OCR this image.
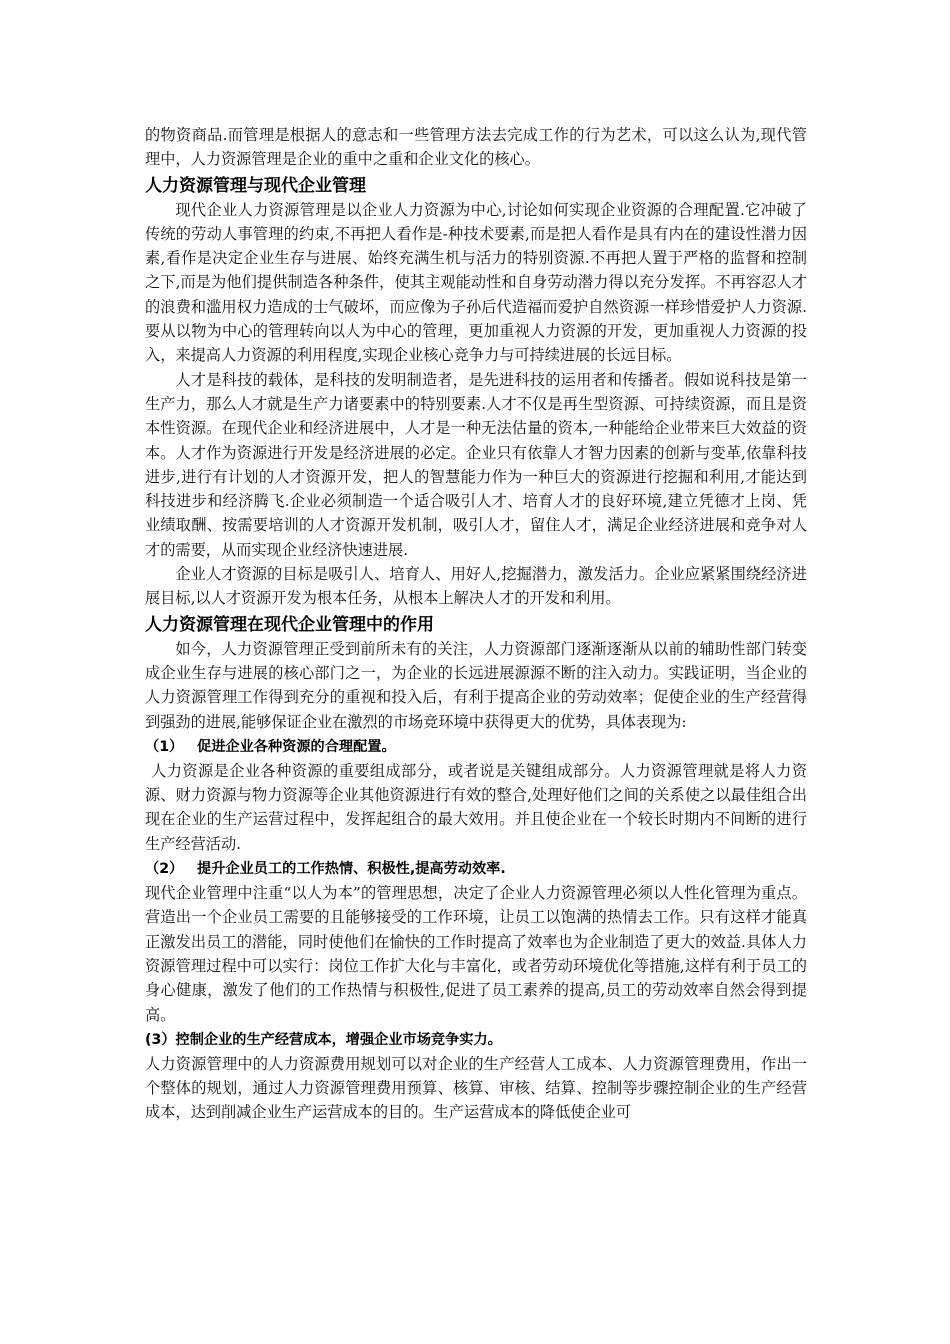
的物资商品.而管理是根据人的意志和一些管理方法去完成工作的行为艺术，可以这么认为,现代管理中，人力资源管理是企业的重中之重和企业文化的核心。

人力资源管理与现代企业管理

现代企业人力资源管理是以企业人力资源为中心,讨论如何实现企业资源的合理配置.它冲破了传统的劳动人事管理的约束,不再把人看作是-种技术要素,而是把人看作是具有内在的建设性潜力因素,看作是决定企业生存与进展、始终充满生机与活力的特别资源.不再把人置于严格的监督和控制之下,而是为他们提供制造各种条件，使其主观能动性和自身劳动潜力得以充分发挥。不再容忍人才的浪费和滥用权力造成的士气破坏，而应像为子孙后代造福而爱护自然资源一样珍惜爱护人力资源.要从以物为中心的管理转向以人为中心的管理，更加重视人力资源的开发，更加重视人力资源的投入，来提高人力资源的利用程度,实现企业核心竞争力与可持续进展的长远目标。

人才是科技的载体，是科技的发明制造者，是先进科技的运用者和传播者。假如说科技是第一生产力，那么人才就是生产力诸要素中的特别要素.人才不仅是再生型资源、可持续资源，而且是资本性资源。在现代企业和经济进展中，人才是一种无法估量的资本,一种能给企业带来巨大效益的资本。人才作为资源进行开发是经济进展的必定。企业只有依靠人才智力因素的创新与变革,依靠科技进步,进行有计划的人才资源开发，把人的智慧能力作为一种巨大的资源进行挖掘和利用,才能达到科技进步和经济腾飞.企业必须制造一个适合吸引人才、培育人才的良好环境,建立凭德才上岗、凭业绩取酬、按需要培训的人才资源开发机制，吸引人才，留住人才，满足企业经济进展和竞争对人才的需要，从而实现企业经济快速进展.

企业人才资源的目标是吸引人、培育人、用好人,挖掘潜力，激发活力。企业应紧紧围绕经济进展目标,以人才资源开发为根本任务，从根本上解决人才的开发和利用。

人力资源管理在现代企业管理中的作用

如今，人力资源管理正受到前所未有的关注，人力资源部门逐渐逐渐从以前的辅助性部门转变成企业生存与进展的核心部门之一，为企业的长远进展源源不断的注入动力。实践证明，当企业的人力资源管理工作得到充分的重视和投入后，有利于提高企业的劳动效率；促使企业的生产经营得到强劲的进展,能够保证企业在激烈的市场竞环境中获得更大的优势，具体表现为:

（1） 促进企业各种资源的合理配置。

人力资源是企业各种资源的重要组成部分，或者说是关键组成部分。人力资源管理就是将人力资源、财力资源与物力资源等企业其他资源进行有效的整合,处理好他们之间的关系使之以最佳组合出现在企业的生产运营过程中，发挥起组合的最大效用。并且使企业在一个较长时期内不间断的进行生产经营活动.

（2） 提升企业员工的工作热情、积极性,提高劳动效率.

现代企业管理中注重“以人为本”的管理思想，决定了企业人力资源管理必须以人性化管理为重点。营造出一个企业员工需要的且能够接受的工作环境，让员工以饱满的热情去工作。只有这样才能真正激发出员工的潜能，同时使他们在愉快的工作时提高了效率也为企业制造了更大的效益.具体人力资源管理过程中可以实行：岗位工作扩大化与丰富化，或者劳动环境优化等措施,这样有利于员工的身心健康，激发了他们的工作热情与积极性,促进了员工素养的提高,员工的劳动效率自然会得到提高。

(3）控制企业的生产经营成本，增强企业市场竞争实力。

人力资源管理中的人力资源费用规划可以对企业的生产经营人工成本、人力资源管理费用，作出一个整体的规划，通过人力资源管理费用预算、核算、审核、结算、控制等步骤控制企业的生产经营成本，达到削减企业生产运营成本的目的。生产运营成本的降低使企业可
